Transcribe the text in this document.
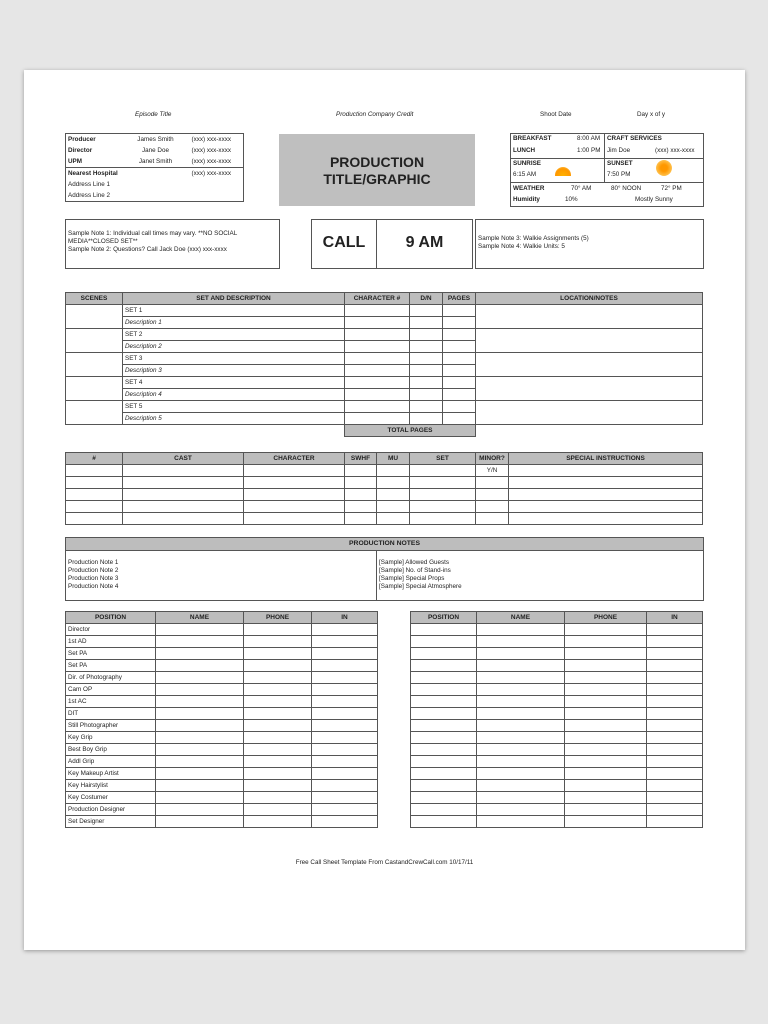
Episode Title	Production Company Credit	Shoot Date	Day x of y
Producer	James Smith	(xxx) xxx-xxxx
Director	Jane Doe	(xxx) xxx-xxxx
UPM	Janet Smith	(xxx) xxx-xxxx
Nearest Hospital		(xxx) xxx-xxxx
Address Line 1		
Address Line 2		
PRODUCTION
TITLE/GRAPHIC
BREAKFAST	8:00 AM
LUNCH	1:00 PM
CRAFT SERVICES
Jim Doe	(xxx) xxx-xxxx
SUNRISE
6:15 AM
SUNSET
7:50 PM
WEATHER	70° AM	80° NOON	72° PM
Humidity	10%	Mostly Sunny
Sample Note 1: Individual call times may vary. **NO SOCIAL
MEDIA**CLOSED SET**
Sample Note 2: Questions? Call Jack Doe (xxx) xxx-xxxx	CALL	9 AM	Sample Note 3: Walkie Assignments (5)
Sample Note 4: Walkie Units: 5
SCENES	SET AND DESCRIPTION	CHARACTER #	D/N	PAGES	LOCATION/NOTES
	SET 1				
	Description 1				
	SET 2				
	Description 2				
	SET 3				
	Description 3				
	SET 4				
	Description 4				
	SET 5				
	Description 5				
		TOTAL PAGES			
#	CAST	CHARACTER	SWHF	MU	SET	MINOR?	SPECIAL INSTRUCTIONS
						Y/N	

PRODUCTION NOTES
Production Note 1
Production Note 2
Production Note 3
Production Note 4
[Sample] Allowed Guests
[Sample] No. of Stand-ins
[Sample] Special Props
[Sample] Special Atmosphere
POSITION	NAME	PHONE	IN
Director			
1st AD			
Set PA			
Set PA			
Dir. of Photography			
Cam OP			
1st AC			
DIT			
Still Photographer			
Key Grip			
Best Boy Grip			
Addl Grip			
Key Makeup Artist			
Key Hairstylist			
Key Costumer			
Production Designer			
Set Designer			
POSITION	NAME	PHONE	IN

Free Call Sheet Template From CastandCrewCall.com 10/17/11
